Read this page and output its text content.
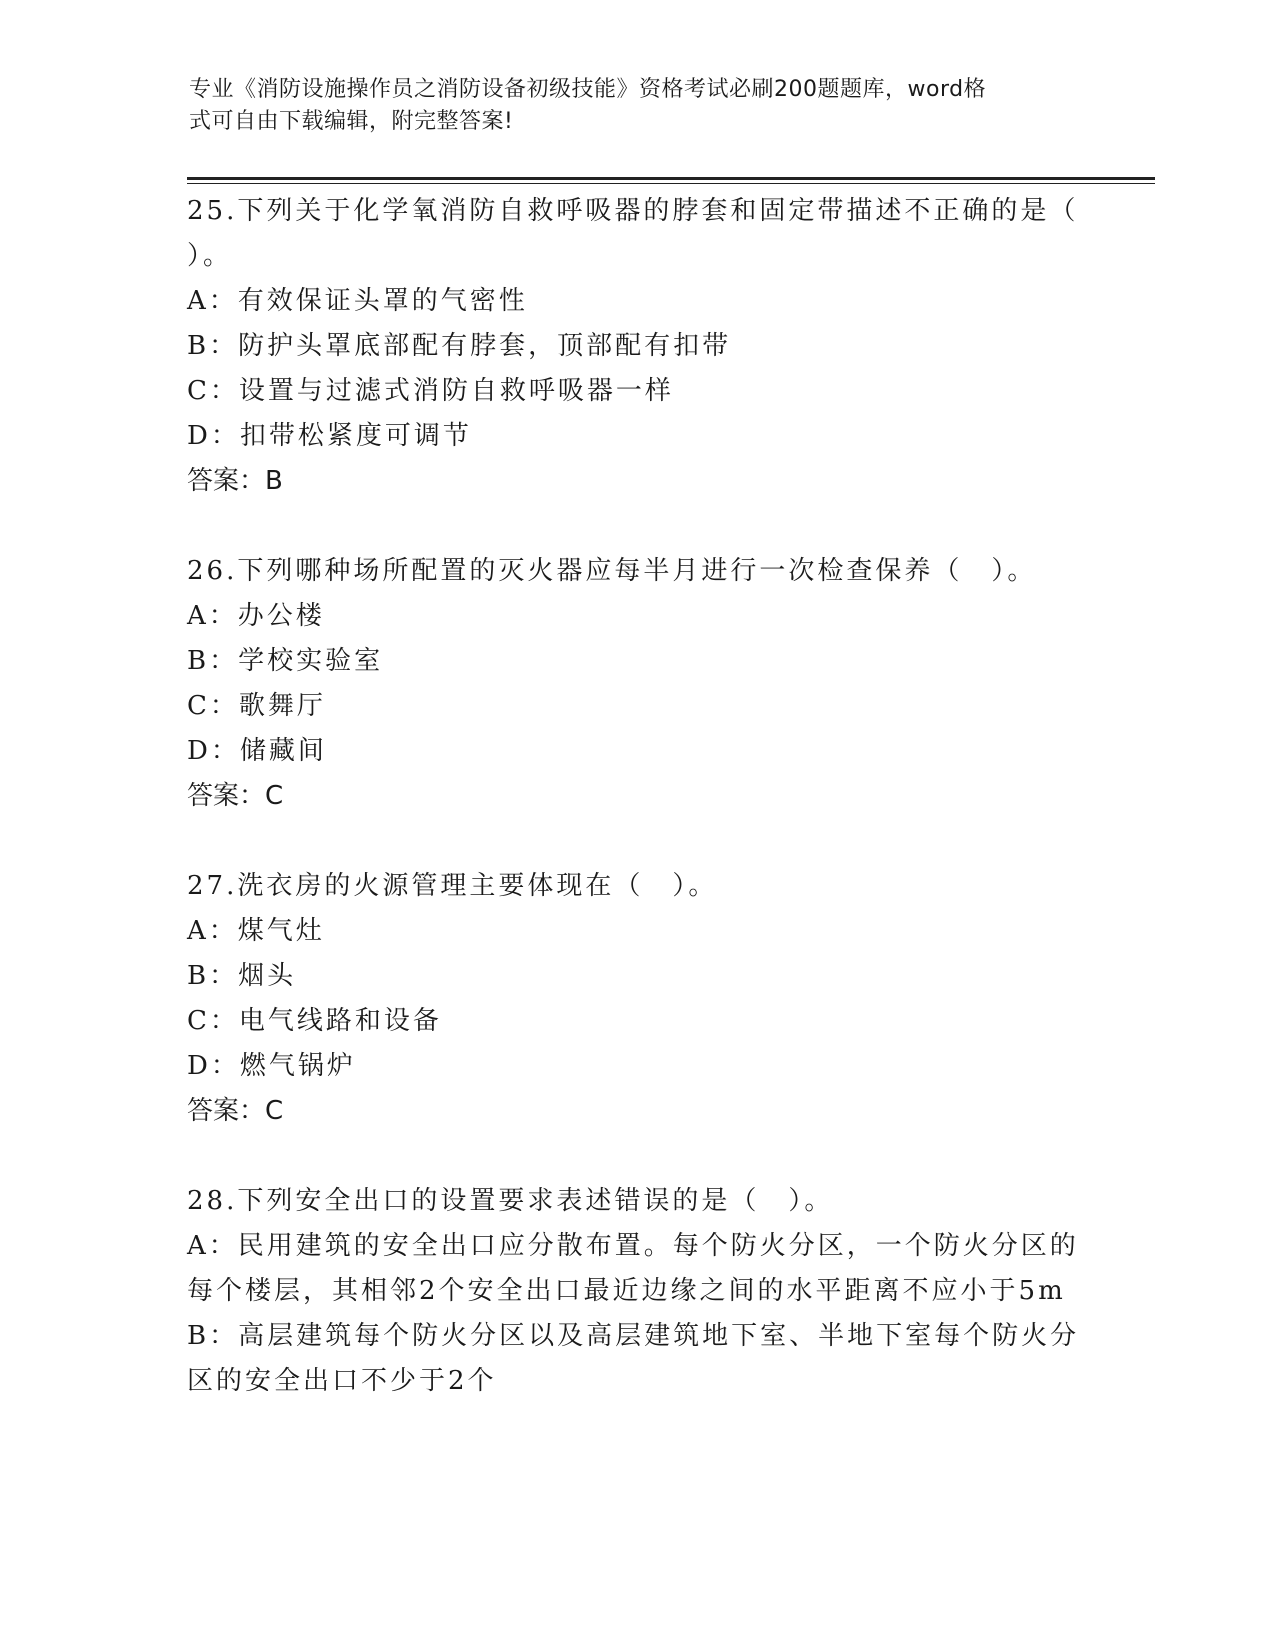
专业《消防设施操作员之消防设备初级技能》资格考试必刷200题题库，word格
式可自由下载编辑，附完整答案!

25.下列关于化学氧消防自救呼吸器的脖套和固定带描述不正确的是（

）。

A：有效保证头罩的气密性

B：防护头罩底部配有脖套，顶部配有扣带

C：设置与过滤式消防自救呼吸器一样

D：扣带松紧度可调节

答案：B

26.下列哪种场所配置的灭火器应每半月进行一次检查保养（　）。

A：办公楼

B：学校实验室

C：歌舞厅

D：储藏间

答案：C

27.洗衣房的火源管理主要体现在（　）。

A：煤气灶

B：烟头

C：电气线路和设备

D：燃气锅炉

答案：C

28.下列安全出口的设置要求表述错误的是（　）。

A：民用建筑的安全出口应分散布置。每个防火分区，一个防火分区的

每个楼层，其相邻2个安全出口最近边缘之间的水平距离不应小于5m

B：高层建筑每个防火分区以及高层建筑地下室、半地下室每个防火分

区的安全出口不少于2个
